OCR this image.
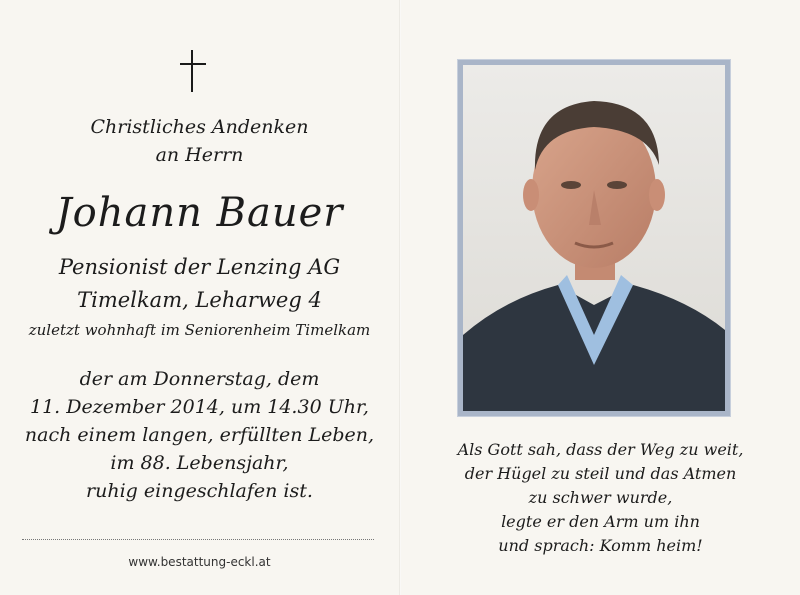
Christliches Andenken
an Herrn
Johann Bauer
Pensionist der Lenzing AG
Timelkam, Leharweg 4
zuletzt wohnhaft im Seniorenheim Timelkam
der am Donnerstag, dem
11. Dezember 2014, um 14.30 Uhr,
nach einem langen, erfüllten Leben,
im 88. Lebensjahr,
ruhig eingeschlafen ist.
www.bestattung-eckl.at
Als Gott sah, dass der Weg zu weit,
der Hügel zu steil und das Atmen
zu schwer wurde,
legte er den Arm um ihn
und sprach: Komm heim!
